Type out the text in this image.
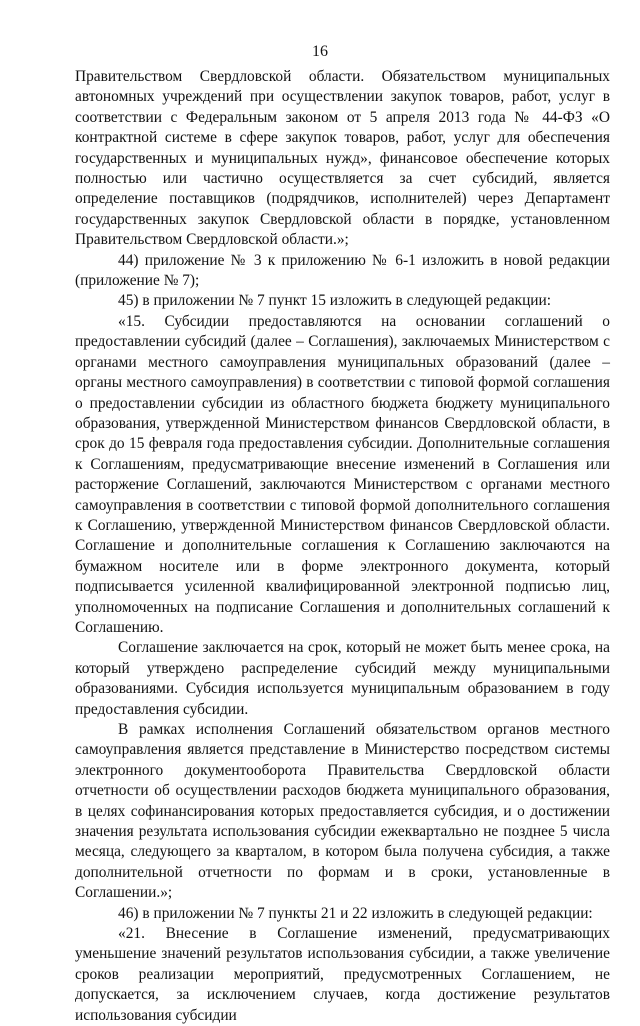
16

Правительством Свердловской области. Обязательством муниципальных автономных учреждений при осуществлении закупок товаров, работ, услуг в соответствии с Федеральным законом от 5 апреля 2013 года № 44-ФЗ «О контрактной системе в сфере закупок товаров, работ, услуг для обеспечения государственных и муниципальных нужд», финансовое обеспечение которых полностью или частично осуществляется за счет субсидий, является определение поставщиков (подрядчиков, исполнителей) через Департамент государственных закупок Свердловской области в порядке, установленном Правительством Свердловской области.»;

44) приложение № 3 к приложению № 6-1 изложить в новой редакции (приложение № 7);

45) в приложении № 7 пункт 15 изложить в следующей редакции:

«15. Субсидии предоставляются на основании соглашений о предоставлении субсидий (далее – Соглашения), заключаемых Министерством с органами местного самоуправления муниципальных образований (далее – органы местного самоуправления) в соответствии с типовой формой соглашения о предоставлении субсидии из областного бюджета бюджету муниципального образования, утвержденной Министерством финансов Свердловской области, в срок до 15 февраля года предоставления субсидии. Дополнительные соглашения к Соглашениям, предусматривающие внесение изменений в Соглашения или расторжение Соглашений, заключаются Министерством с органами местного самоуправления в соответствии с типовой формой дополнительного соглашения к Соглашению, утвержденной Министерством финансов Свердловской области. Соглашение и дополнительные соглашения к Соглашению заключаются на бумажном носителе или в форме электронного документа, который подписывается усиленной квалифицированной электронной подписью лиц, уполномоченных на подписание Соглашения и дополнительных соглашений к Соглашению.

Соглашение заключается на срок, который не может быть менее срока, на который утверждено распределение субсидий между муниципальными образованиями. Субсидия используется муниципальным образованием в году предоставления субсидии.

В рамках исполнения Соглашений обязательством органов местного самоуправления является представление в Министерство посредством системы электронного документооборота Правительства Свердловской области отчетности об осуществлении расходов бюджета муниципального образования, в целях софинансирования которых предоставляется субсидия, и о достижении значения результата использования субсидии ежеквартально не позднее 5 числа месяца, следующего за кварталом, в котором была получена субсидия, а также дополнительной отчетности по формам и в сроки, установленные в Соглашении.»;

46) в приложении № 7 пункты 21 и 22 изложить в следующей редакции:

«21. Внесение в Соглашение изменений, предусматривающих уменьшение значений результатов использования субсидии, а также увеличение сроков реализации мероприятий, предусмотренных Соглашением, не допускается, за исключением случаев, когда достижение результатов использования субсидии
